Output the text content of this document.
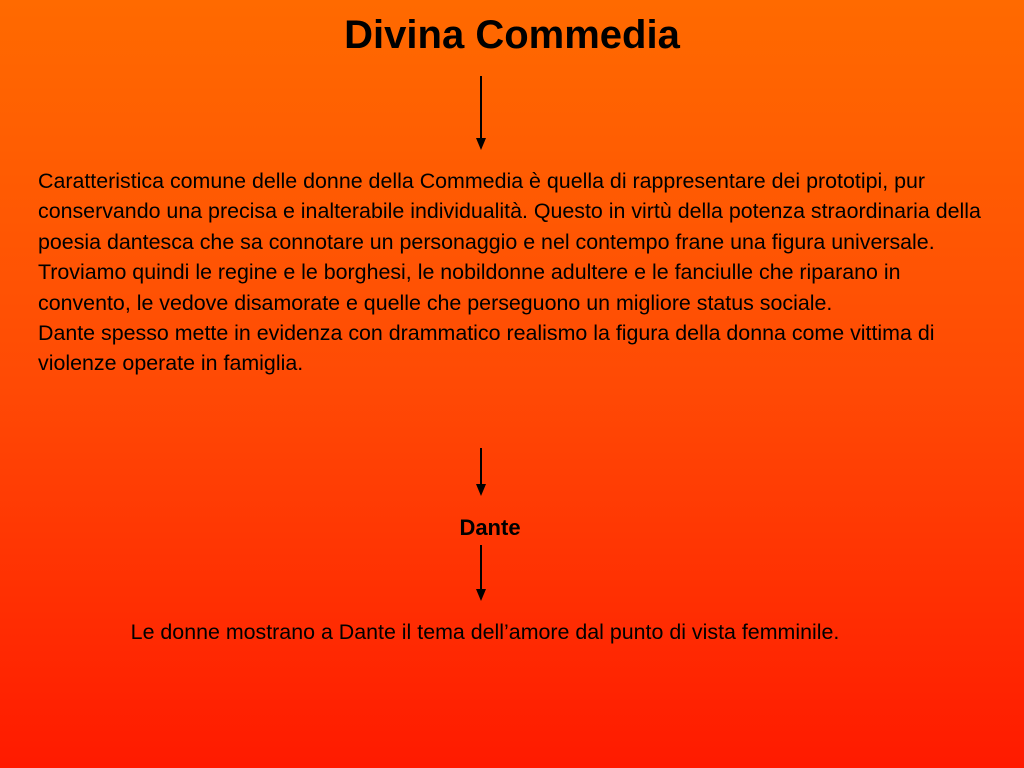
Divina Commedia

Caratteristica comune delle donne della Commedia è quella di rappresentare dei prototipi, pur conservando una precisa e inalterabile individualità. Questo in virtù della potenza straordinaria della poesia dantesca che sa connotare un personaggio e nel contempo frane una figura universale.

Troviamo quindi le regine e le borghesi, le nobildonne adultere e le fanciulle che riparano in convento, le vedove disamorate e quelle che perseguono un migliore status sociale.

Dante spesso mette in evidenza con drammatico realismo la figura della donna come vittima di violenze operate in famiglia.

Dante
Le donne mostrano a Dante il tema dell’amore dal punto di vista femminile.
